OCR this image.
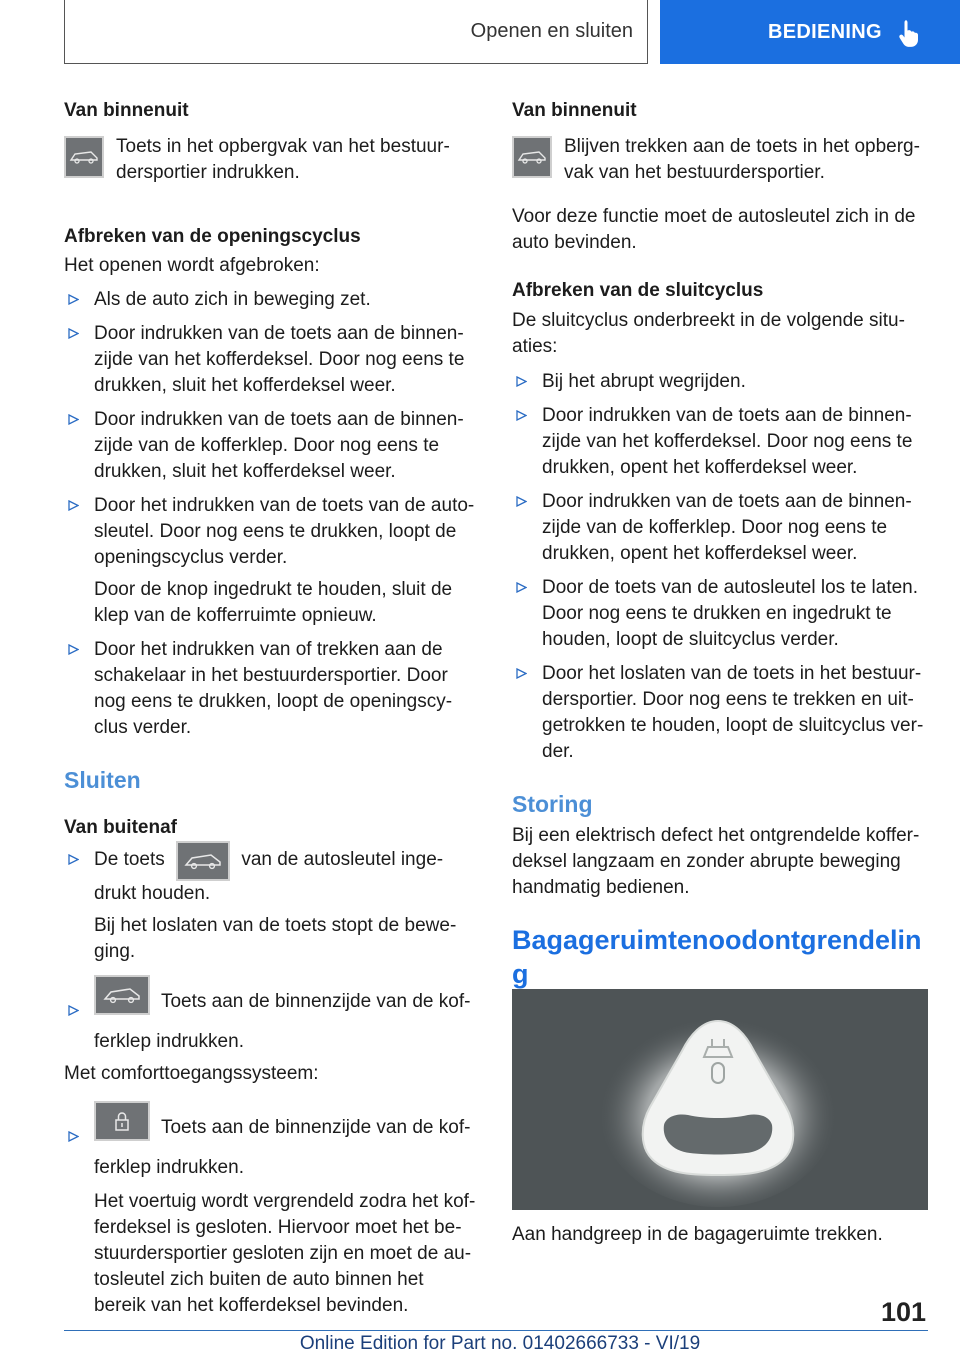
Openen en sluiten	BEDIENING

Van binnenuit

Toets in het opbergvak van het bestuurdersportier indrukken.

Afbreken van de openingscyclus

Het openen wordt afgebroken:

Als de auto zich in beweging zet.
Door indrukken van de toets aan de binnenzijde van het kofferdeksel. Door nog eens te drukken, sluit het kofferdeksel weer.
Door indrukken van de toets aan de binnenzijde van de kofferklep. Door nog eens te drukken, sluit het kofferdeksel weer.
Door het indrukken van de toets van de autosleutel. Door nog eens te drukken, loopt de openingscyclus verder.
Door de knop ingedrukt te houden, sluit de klep van de kofferruimte opnieuw.
Door het indrukken van of trekken aan de schakelaar in het bestuurdersportier. Door nog eens te drukken, loopt de openingscyclus verder.

Sluiten

Van buitenaf

De toets	van de autosleutel ingedrukt houden.
Bij het loslaten van de toets stopt de beweging.
Toets aan de binnenzijde van de kofferklep indrukken.

Met comforttoegangssysteem:

Toets aan de binnenzijde van de kofferklep indrukken.
Het voertuig wordt vergrendeld zodra het kofferdeksel is gesloten. Hiervoor moet het bestuurdersportier gesloten zijn en moet de autosleutel zich buiten de auto binnen het bereik van het kofferdeksel bevinden.

Van binnenuit

Blijven trekken aan de toets in het opbergvak van het bestuurdersportier.

Voor deze functie moet de autosleutel zich in de auto bevinden.

Afbreken van de sluitcyclus

De sluitcyclus onderbreekt in de volgende situaties:

Bij het abrupt wegrijden.
Door indrukken van de toets aan de binnenzijde van het kofferdeksel. Door nog eens te drukken, opent het kofferdeksel weer.
Door indrukken van de toets aan de binnenzijde van de kofferklep. Door nog eens te drukken, opent het kofferdeksel weer.
Door de toets van de autosleutel los te laten. Door nog eens te drukken en ingedrukt te houden, loopt de sluitcyclus verder.
Door het loslaten van de toets in het bestuurdersportier. Door nog eens te trekken en uitgetrokken te houden, loopt de sluitcyclus verder.

Storing

Bij een elektrisch defect het ontgrendelde kofferdeksel langzaam en zonder abrupte beweging handmatig bedienen.

Bagageruimtenoodontgrendelin g

Aan handgreep in de bagageruimte trekken.

101
Online Edition for Part no. 01402666733 - VI/19
